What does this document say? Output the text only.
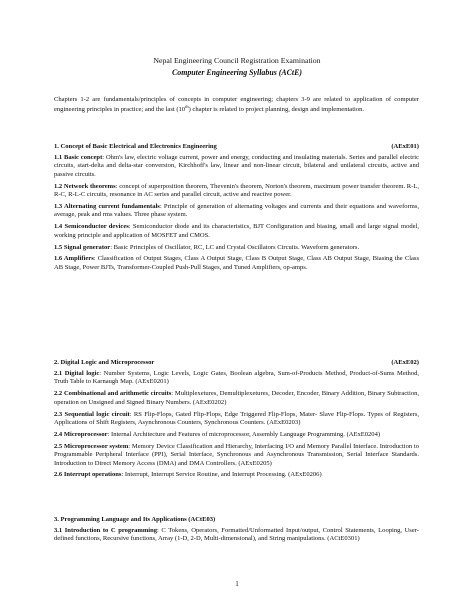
Nepal Engineering Council Registration Examination
Computer Engineering Syllabus (ACtE)
Chapters 1-2 are fundamentals/principles of concepts in computer engineering; chapters 3-9 are related to application of computer engineering principles in practice; and the last (10th) chapter is related to project planning, design and implementation.
1. Concept of Basic Electrical and Electronics Engineering	(AExE01)
1.1 Basic concept: Ohm's law, electric voltage current, power and energy, conducting and insulating materials. Series and parallel electric circuits, start-delta and delta-star conversion, Kirchhoff's law, linear and non-linear circuit, bilateral and unilateral circuits, active and passive circuits.
1.2 Network theorems: concept of superposition theorem, Thevenin's theorem, Norton's theorem, maximum power transfer theorem. R-L, R-C, R-L-C circuits, resonance in AC series and parallel circuit, active and reactive power.
1.3 Alternating current fundamentals: Principle of generation of alternating voltages and currents and their equations and waveforms, average, peak and rms values. Three phase system.
1.4 Semiconductor devices: Semiconductor diode and its characteristics, BJT Configuration and biasing, small and large signal model, working principle and application of MOSFET and CMOS.
1.5 Signal generator: Basic Principles of Oscillator, RC, LC and Crystal Oscillators Circuits. Waveform generators.
1.6 Amplifiers: Classification of Output Stages, Class A Output Stage, Class B Output Stage, Class AB Output Stage, Biasing the Class AB Stage, Power BJTs, Transformer-Coupled Push-Pull Stages, and Tuned Amplifiers, op-amps.
2. Digital Logic and Microprocessor	(AExE02)
2.1 Digital logic: Number Systems, Logic Levels, Logic Gates, Boolean algebra, Sum-of-Products Method, Product-of-Sums Method, Truth Table to Karnaugh Map. (AExE0201)
2.2 Combinational and arithmetic circuits: Multiplexetures, Demultiplexetures, Decoder, Encoder, Binary Addition, Binary Subtraction, operation on Unsigned and Signed Binary Numbers. (AExE0202)
2.3 Sequential logic circuit: RS Flip-Flops, Gated Flip-Flops, Edge Triggered Flip-Flops, Mater- Slave Flip-Flops. Types of Registers, Applications of Shift Registers, Asynchronous Counters, Synchronous Counters. (AExE0203)
2.4 Microprocessor: Internal Architecture and Features of microprocessor, Assembly Language Programming. (AExE0204)
2.5 Microprocessor system: Memory Device Classification and Hierarchy, Interfacing I/O and Memory Parallel Interface. Introduction to Programmable Peripheral Interface (PPI), Serial Interface, Synchronous and Asynchronous Transmission, Serial Interface Standards. Introduction to Direct Memory Access (DMA) and DMA Controllers. (AExE0205)
2.6 Interrupt operations: Interrupt, Interrupt Service Routine, and Interrupt Processing. (AExE0206)
3. Programming Language and Its Applications (ACtE03)
3.1 Introduction to C programming: C Tokens, Operators, Formatted/Unformatted Input/output, Control Statements, Looping, User-defined functions, Recursive functions, Array (1-D, 2-D, Multi-dimensional), and String manipulations. (ACtE0301)
1
